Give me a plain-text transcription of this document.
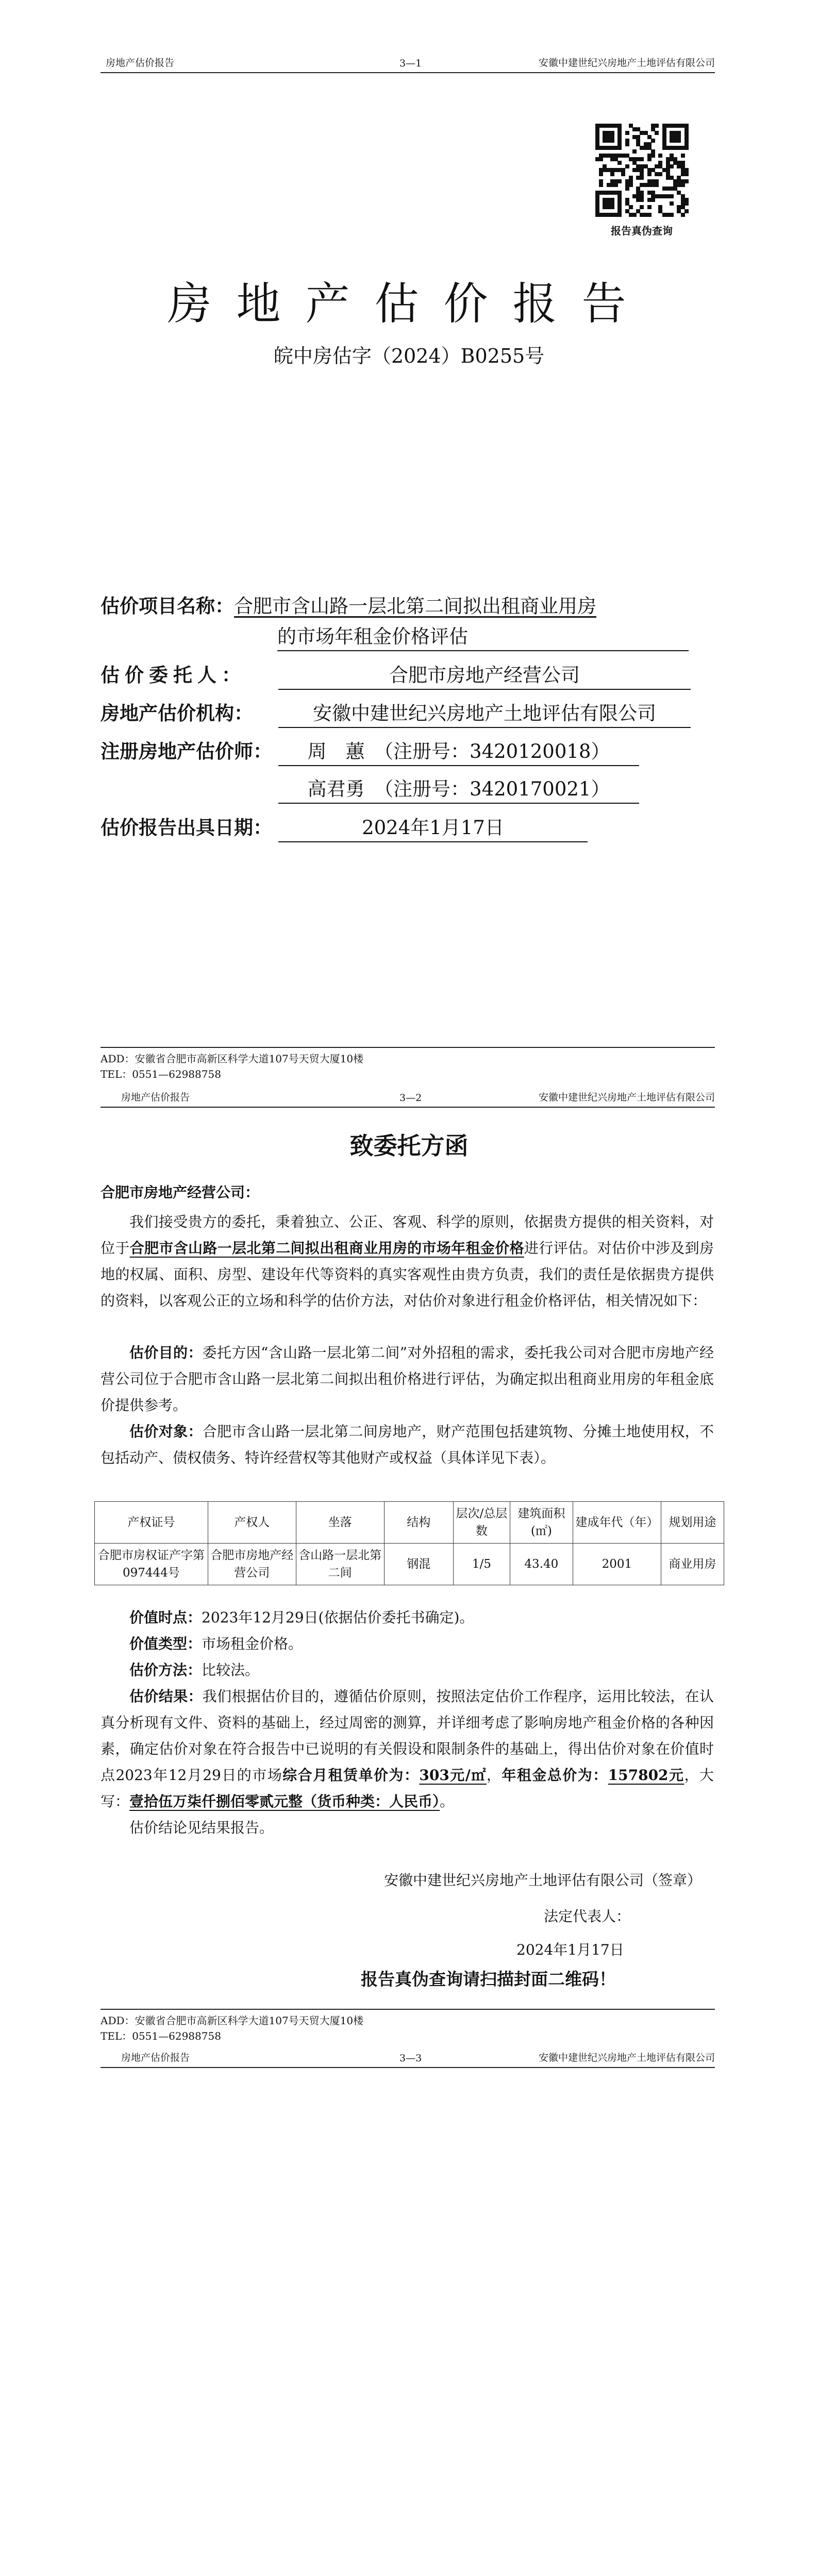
房地产估价报告	3—1	安徽中建世纪兴房地产土地评估有限公司
报告真伪查询
房地产估价报告
皖中房估字（2024）B0255号
估价项目名称：合肥市含山路一层北第二间拟出租商业用房
的市场年租金价格评估
估价委托人：	合肥市房地产经营公司
房地产估价机构：	安徽中建世纪兴房地产土地评估有限公司
注册房地产估价师： 周　蕙　（注册号：3420120018）
高君勇　（注册号：3420170021）
估价报告出具日期：	2024年1月17日
ADD：安徽省合肥市高新区科学大道107号天贸大厦10楼
TEL：0551—62988758
房地产估价报告	3—2	安徽中建世纪兴房地产土地评估有限公司
致委托方函
合肥市房地产经营公司：
我们接受贵方的委托，秉着独立、公正、客观、科学的原则，依据贵方提供的相关资料，对位于合肥市含山路一层北第二间拟出租商业用房的市场年租金价格进行评估。对估价中涉及到房地的权属、面积、房型、建设年代等资料的真实客观性由贵方负责，我们的责任是依据贵方提供的资料，以客观公正的立场和科学的估价方法，对估价对象进行租金价格评估，相关情况如下：
估价目的：委托方因“含山路一层北第二间”对外招租的需求，委托我公司对合肥市房地产经营公司位于合肥市含山路一层北第二间拟出租价格进行评估，为确定拟出租商业用房的年租金底价提供参考。
估价对象：合肥市含山路一层北第二间房地产，财产范围包括建筑物、分摊土地使用权，不包括动产、债权债务、特许经营权等其他财产或权益（具体详见下表）。
产权证号	产权人	坐落	结构	层次/总层数	建筑面积(㎡)	建成年代（年）	规划用途
合肥市房权证产字第097444号	合肥市房地产经营公司	含山路一层北第二间	钢混	1/5	43.40	2001	商业用房
价值时点：2023年12月29日(依据估价委托书确定)。
价值类型：市场租金价格。
估价方法：比较法。
估价结果：我们根据估价目的，遵循估价原则，按照法定估价工作程序，运用比较法，在认真分析现有文件、资料的基础上，经过周密的测算，并详细考虑了影响房地产租金价格的各种因素，确定估价对象在符合报告中已说明的有关假设和限制条件的基础上，得出估价对象在价值时点2023年12月29日的市场综合月租赁单价为：303元/㎡，年租金总价为：157802元，大写：壹拾伍万柒仟捌佰零贰元整（货币种类：人民币）。
估价结论见结果报告。
安徽中建世纪兴房地产土地评估有限公司（签章）
法定代表人：
2024年1月17日
报告真伪查询请扫描封面二维码！
ADD：安徽省合肥市高新区科学大道107号天贸大厦10楼
TEL：0551—62988758
房地产估价报告	3—3	安徽中建世纪兴房地产土地评估有限公司
